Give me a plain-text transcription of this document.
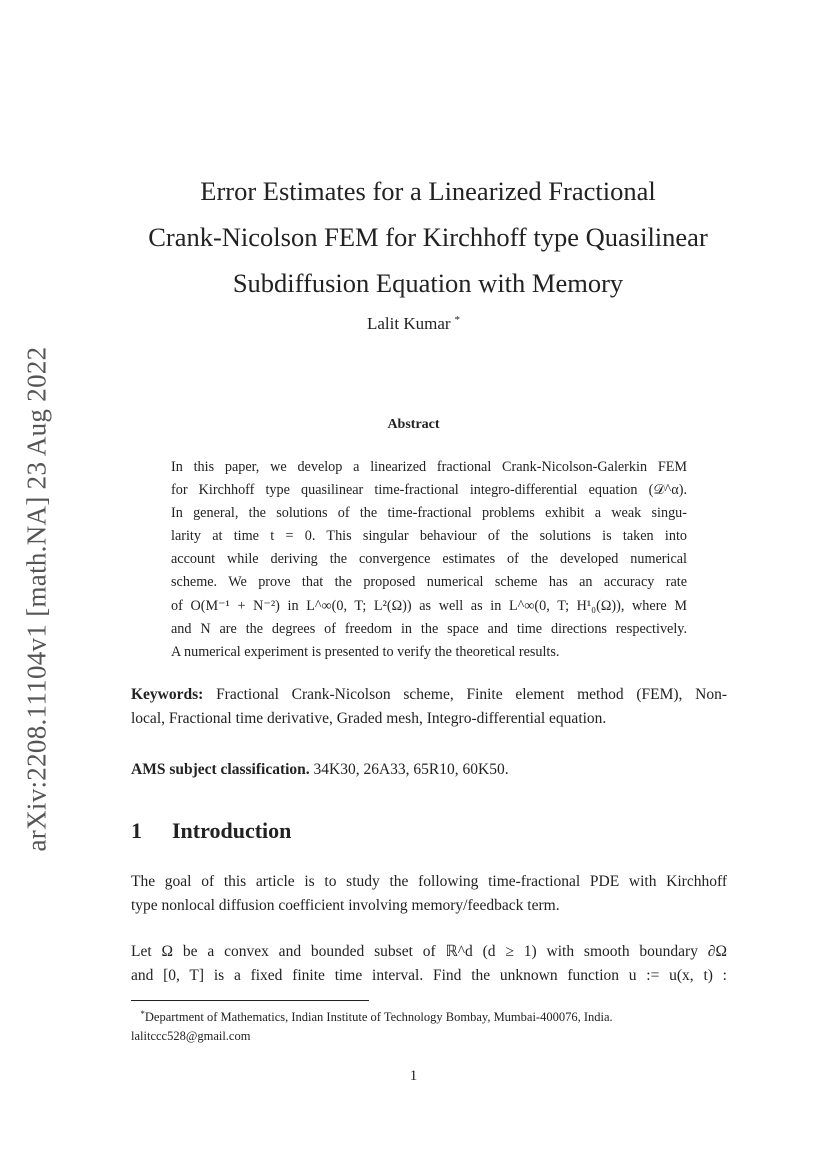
arXiv:2208.11104v1 [math.NA] 23 Aug 2022
Error Estimates for a Linearized Fractional
Crank-Nicolson FEM for Kirchhoff type Quasilinear
Subdiffusion Equation with Memory
Lalit Kumar *
Abstract
In this paper, we develop a linearized fractional Crank-Nicolson-Galerkin FEM
for Kirchhoff type quasilinear time-fractional integro-differential equation (𝒟^α).
In general, the solutions of the time-fractional problems exhibit a weak singu-
larity at time t = 0. This singular behaviour of the solutions is taken into
account while deriving the convergence estimates of the developed numerical
scheme. We prove that the proposed numerical scheme has an accuracy rate
of O(M⁻¹ + N⁻²) in L^∞(0, T; L²(Ω)) as well as in L^∞(0, T; H¹₀(Ω)), where M
and N are the degrees of freedom in the space and time directions respectively.
A numerical experiment is presented to verify the theoretical results.
Keywords: Fractional Crank-Nicolson scheme, Finite element method (FEM), Non-
local, Fractional time derivative, Graded mesh, Integro-differential equation.
AMS subject classification. 34K30, 26A33, 65R10, 60K50.
1 Introduction
The goal of this article is to study the following time-fractional PDE with Kirchhoff
type nonlocal diffusion coefficient involving memory/feedback term.
Let Ω be a convex and bounded subset of ℝ^d (d ≥ 1) with smooth boundary ∂Ω
and [0, T] is a fixed finite time interval. Find the unknown function u := u(x, t) :
*Department of Mathematics, Indian Institute of Technology Bombay, Mumbai-400076, India.
lalitccc528@gmail.com
1
